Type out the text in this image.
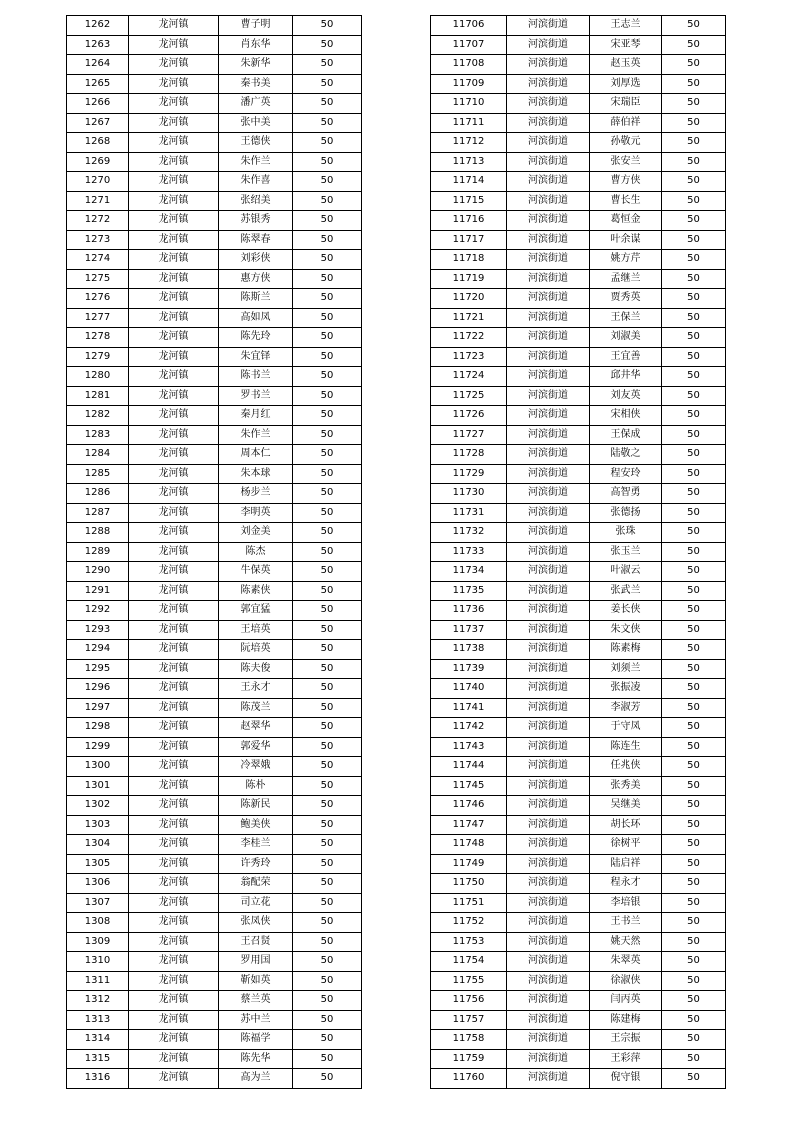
1262	龙河镇	曹子明	50
1263	龙河镇	肖东华	50
1264	龙河镇	朱新华	50
1265	龙河镇	秦书美	50
1266	龙河镇	潘广英	50
1267	龙河镇	张中美	50
1268	龙河镇	王德侠	50
1269	龙河镇	朱作兰	50
1270	龙河镇	朱作喜	50
1271	龙河镇	张绍美	50
1272	龙河镇	苏银秀	50
1273	龙河镇	陈翠春	50
1274	龙河镇	刘彩侠	50
1275	龙河镇	惠方侠	50
1276	龙河镇	陈斯兰	50
1277	龙河镇	高如凤	50
1278	龙河镇	陈先玲	50
1279	龙河镇	朱宜铎	50
1280	龙河镇	陈书兰	50
1281	龙河镇	罗书兰	50
1282	龙河镇	秦月红	50
1283	龙河镇	朱作兰	50
1284	龙河镇	周本仁	50
1285	龙河镇	朱本球	50
1286	龙河镇	杨步兰	50
1287	龙河镇	李明英	50
1288	龙河镇	刘金美	50
1289	龙河镇	陈杰	50
1290	龙河镇	牛保英	50
1291	龙河镇	陈素侠	50
1292	龙河镇	郭宜猛	50
1293	龙河镇	王培英	50
1294	龙河镇	阮培英	50
1295	龙河镇	陈夫俊	50
1296	龙河镇	王永才	50
1297	龙河镇	陈茂兰	50
1298	龙河镇	赵翠华	50
1299	龙河镇	郭爱华	50
1300	龙河镇	冷翠娥	50
1301	龙河镇	陈朴	50
1302	龙河镇	陈新民	50
1303	龙河镇	鲍美侠	50
1304	龙河镇	李桂兰	50
1305	龙河镇	许秀玲	50
1306	龙河镇	翁配荣	50
1307	龙河镇	司立花	50
1308	龙河镇	张凤侠	50
1309	龙河镇	王召贤	50
1310	龙河镇	罗用国	50
1311	龙河镇	靳如英	50
1312	龙河镇	蔡兰英	50
1313	龙河镇	苏中兰	50
1314	龙河镇	陈福学	50
1315	龙河镇	陈先华	50
1316	龙河镇	高为兰	50
11706	河滨街道	王志兰	50
11707	河滨街道	宋亚琴	50
11708	河滨街道	赵玉英	50
11709	河滨街道	刘厚选	50
11710	河滨街道	宋瑞臣	50
11711	河滨街道	薛伯祥	50
11712	河滨街道	孙敬元	50
11713	河滨街道	张安兰	50
11714	河滨街道	曹方侠	50
11715	河滨街道	曹长生	50
11716	河滨街道	葛恒金	50
11717	河滨街道	叶余谋	50
11718	河滨街道	姚方芹	50
11719	河滨街道	孟继兰	50
11720	河滨街道	贾秀英	50
11721	河滨街道	王保兰	50
11722	河滨街道	刘淑美	50
11723	河滨街道	王宜善	50
11724	河滨街道	邱井华	50
11725	河滨街道	刘友英	50
11726	河滨街道	宋相侠	50
11727	河滨街道	王保成	50
11728	河滨街道	陆敬之	50
11729	河滨街道	程安玲	50
11730	河滨街道	高智勇	50
11731	河滨街道	张德扬	50
11732	河滨街道	张珠	50
11733	河滨街道	张玉兰	50
11734	河滨街道	叶淑云	50
11735	河滨街道	张武兰	50
11736	河滨街道	姜长侠	50
11737	河滨街道	朱文侠	50
11738	河滨街道	陈素梅	50
11739	河滨街道	刘须兰	50
11740	河滨街道	张振凌	50
11741	河滨街道	李淑芳	50
11742	河滨街道	于守凤	50
11743	河滨街道	陈连生	50
11744	河滨街道	任兆侠	50
11745	河滨街道	张秀美	50
11746	河滨街道	吴继美	50
11747	河滨街道	胡长环	50
11748	河滨街道	徐树平	50
11749	河滨街道	陆启祥	50
11750	河滨街道	程永才	50
11751	河滨街道	李培银	50
11752	河滨街道	王书兰	50
11753	河滨街道	姚天然	50
11754	河滨街道	朱翠英	50
11755	河滨街道	徐淑侠	50
11756	河滨街道	闫丙英	50
11757	河滨街道	陈建梅	50
11758	河滨街道	王宗振	50
11759	河滨街道	王彩萍	50
11760	河滨街道	倪守银	50
